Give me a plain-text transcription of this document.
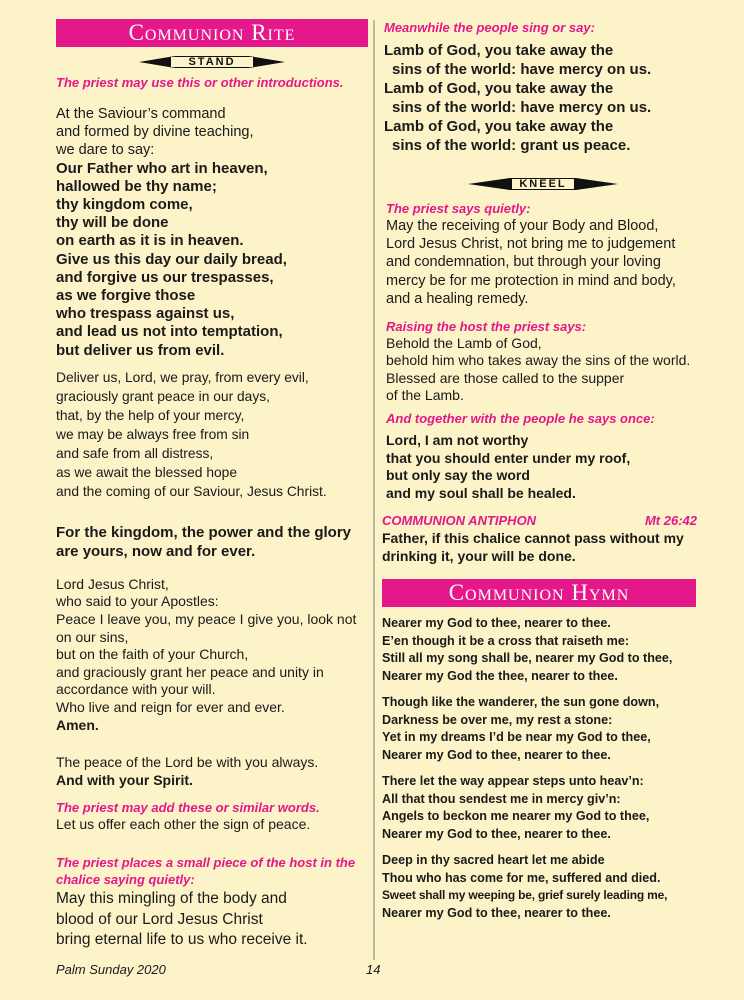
Communion Rite
STAND
The priest may use this or other introductions.
At the Saviour’s command
and formed by divine teaching,
we dare to say:
Our Father who art in heaven,
hallowed be thy name;
thy kingdom come,
thy will be done
on earth as it is in heaven.
Give us this day our daily bread,
and forgive us our trespasses,
as we forgive those
who trespass against us,
and lead us not into temptation,
but deliver us from evil.
Deliver us, Lord, we pray, from every evil,
graciously grant peace in our days,
that, by the help of your mercy,
we may be always free from sin
and safe from all distress,
as we await the blessed hope
and the coming of our Saviour, Jesus Christ.
For the kingdom, the power and the glory are yours, now and for ever.
Lord Jesus Christ,
who said to your Apostles:
Peace I leave you, my peace I give you, look not on our sins,
but on the faith of your Church,
and graciously grant her peace and unity in accordance with your will.
Who live and reign for ever and ever.
Amen.
The peace of the Lord be with you always.
And with your Spirit.
The priest may add these or similar words.
Let us offer each other the sign of peace.
The priest places a small piece of the host in the chalice saying quietly:
May this mingling of the body and
blood of our Lord Jesus Christ
bring eternal life to us who receive it.
Meanwhile the people sing or say:
Lamb of God, you take away the
sins of the world: have mercy on us.
Lamb of God, you take away the
sins of the world: have mercy on us.
Lamb of God, you take away the
sins of the world: grant us peace.
KNEEL
The priest says quietly:
May the receiving of your Body and Blood, Lord Jesus Christ, not bring me to judgement and condemnation, but through your loving mercy be for me protection in mind and body, and a healing remedy.
Raising the host the priest says:
Behold the Lamb of God,
behold him who takes away the sins of the world.
Blessed are those called to the supper
of the Lamb.
And together with the people he says once:
Lord, I am not worthy
that you should enter under my roof,
but only say the word
and my soul shall be healed.
COMMUNION ANTIPHON	Mt 26:42
Father, if this chalice cannot pass without my drinking it, your will be done.
Communion Hymn
Nearer my God to thee, nearer to thee.
E’en though it be a cross that raiseth me:
Still all my song shall be, nearer my God to thee,
Nearer my God the thee, nearer to thee.
Though like the wanderer, the sun gone down,
Darkness be over me, my rest a stone:
Yet in my dreams I’d be near my God to thee,
Nearer my God to thee, nearer to thee.
There let the way appear steps unto heav’n:
All that thou sendest me in mercy giv’n:
Angels to beckon me nearer my God to thee,
Nearer my God to thee, nearer to thee.
Deep in thy sacred heart let me abide
Thou who has come for me, suffered and died.
Sweet shall my weeping be, grief surely leading me,
Nearer my God to thee, nearer to thee.
Palm Sunday 2020	14
